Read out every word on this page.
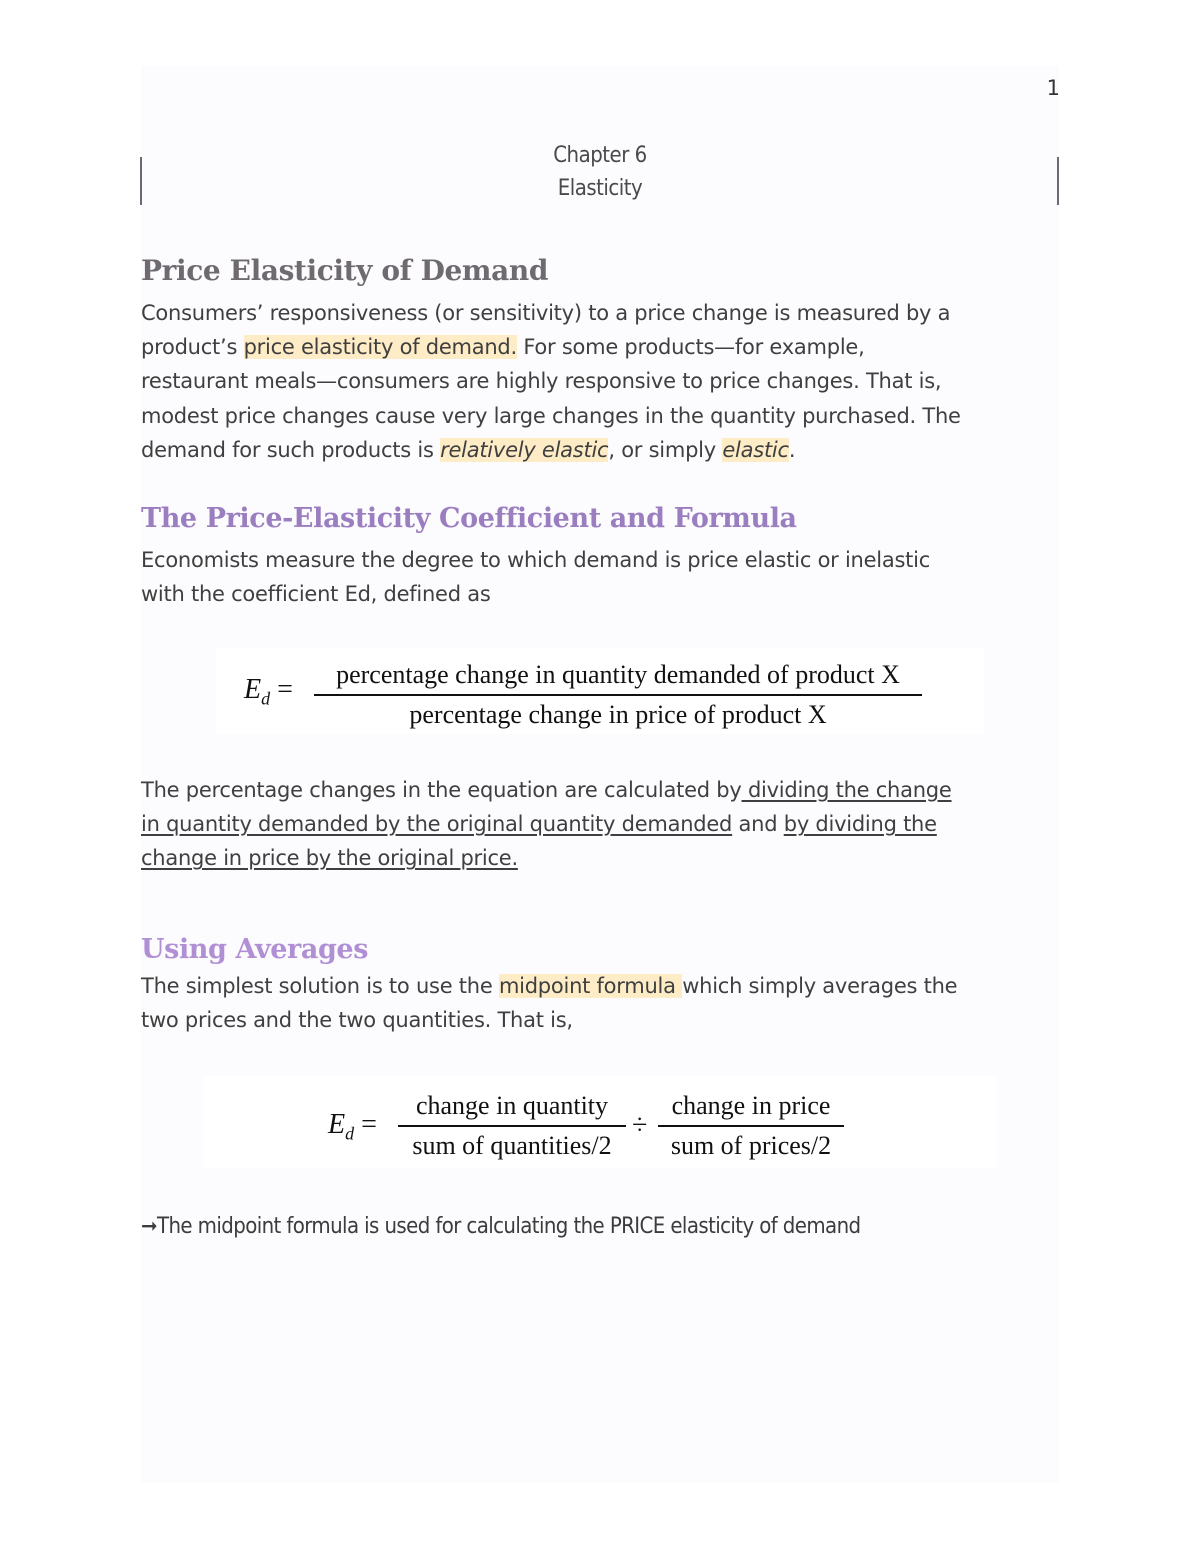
1
Chapter 6
Elasticity
Price Elasticity of Demand
Consumers’ responsiveness (or sensitivity) to a price change is measured by a
product’s price elasticity of demand. For some products—for example,
restaurant meals—consumers are highly responsive to price changes. That is,
modest price changes cause very large changes in the quantity purchased. The
demand for such products is relatively elastic, or simply elastic.
The Price-Elasticity Coefficient and Formula
Economists measure the degree to which demand is price elastic or inelastic
with the coefficient Ed, defined as
$E_d$ =	percentage change in quantity demanded of product X
percentage change in price of product X
The percentage changes in the equation are calculated by dividing the change
in quantity demanded by the original quantity demanded and by dividing the
change in price by the original price.
Using Averages
The simplest solution is to use the midpoint formula which simply averages the
two prices and the two quantities. That is,
$E_d$ =
change in quantity
sum of quantities/2
÷
change in price
sum of prices/2

➞The midpoint formula is used for calculating the PRICE elasticity of demand
